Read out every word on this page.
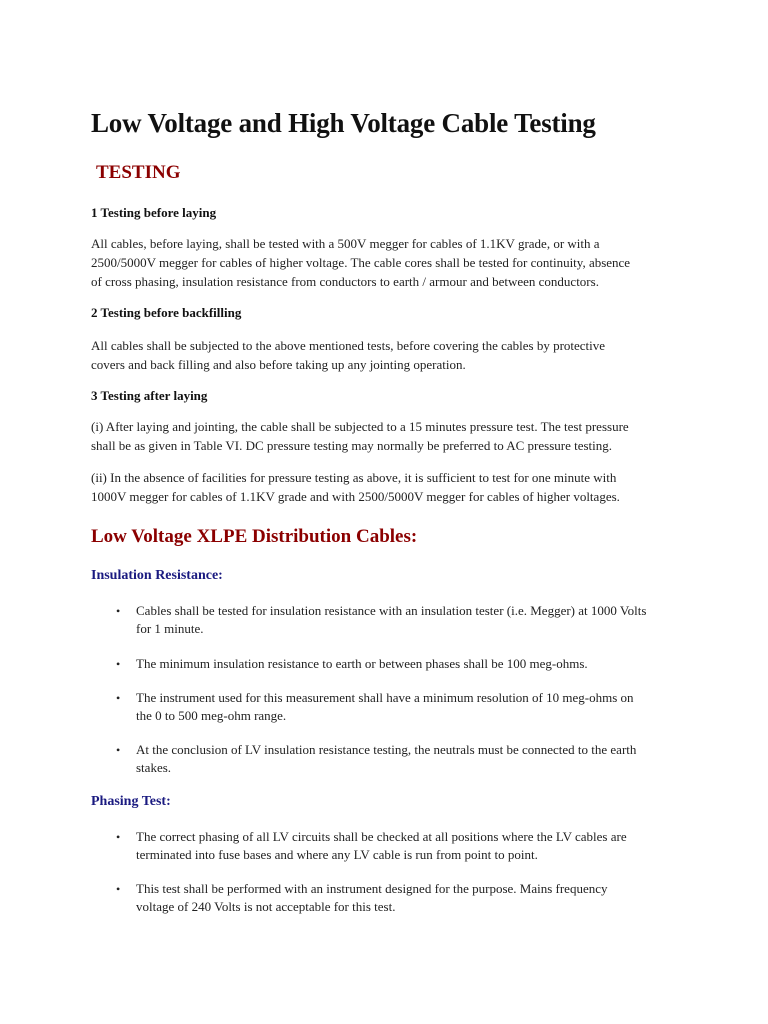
Low Voltage and High Voltage Cable Testing
TESTING
1 Testing before laying

All cables, before laying, shall be tested with a 500V megger for cables of 1.1KV grade, or with a
2500/5000V megger for cables of higher voltage. The cable cores shall be tested for continuity, absence
of cross phasing, insulation resistance from conductors to earth / armour and between conductors.

2 Testing before backfilling

All cables shall be subjected to the above mentioned tests, before covering the cables by protective
covers and back filling and also before taking up any jointing operation.

3 Testing after laying

(i) After laying and jointing, the cable shall be subjected to a 15 minutes pressure test. The test pressure
shall be as given in Table VI. DC pressure testing may normally be preferred to AC pressure testing.

(ii) In the absence of facilities for pressure testing as above, it is sufficient to test for one minute with
1000V megger for cables of 1.1KV grade and with 2500/5000V megger for cables of higher voltages.

Low Voltage XLPE Distribution Cables:
Insulation Resistance:
• Cables shall be tested for insulation resistance with an insulation tester (i.e. Megger) at 1000 Volts
for 1 minute.
• The minimum insulation resistance to earth or between phases shall be 100 meg-ohms.
• The instrument used for this measurement shall have a minimum resolution of 10 meg-ohms on
the 0 to 500 meg-ohm range.
• At the conclusion of LV insulation resistance testing, the neutrals must be connected to the earth
stakes.
Phasing Test:
• The correct phasing of all LV circuits shall be checked at all positions where the LV cables are
terminated into fuse bases and where any LV cable is run from point to point.
• This test shall be performed with an instrument designed for the purpose. Mains frequency
voltage of 240 Volts is not acceptable for this test.
